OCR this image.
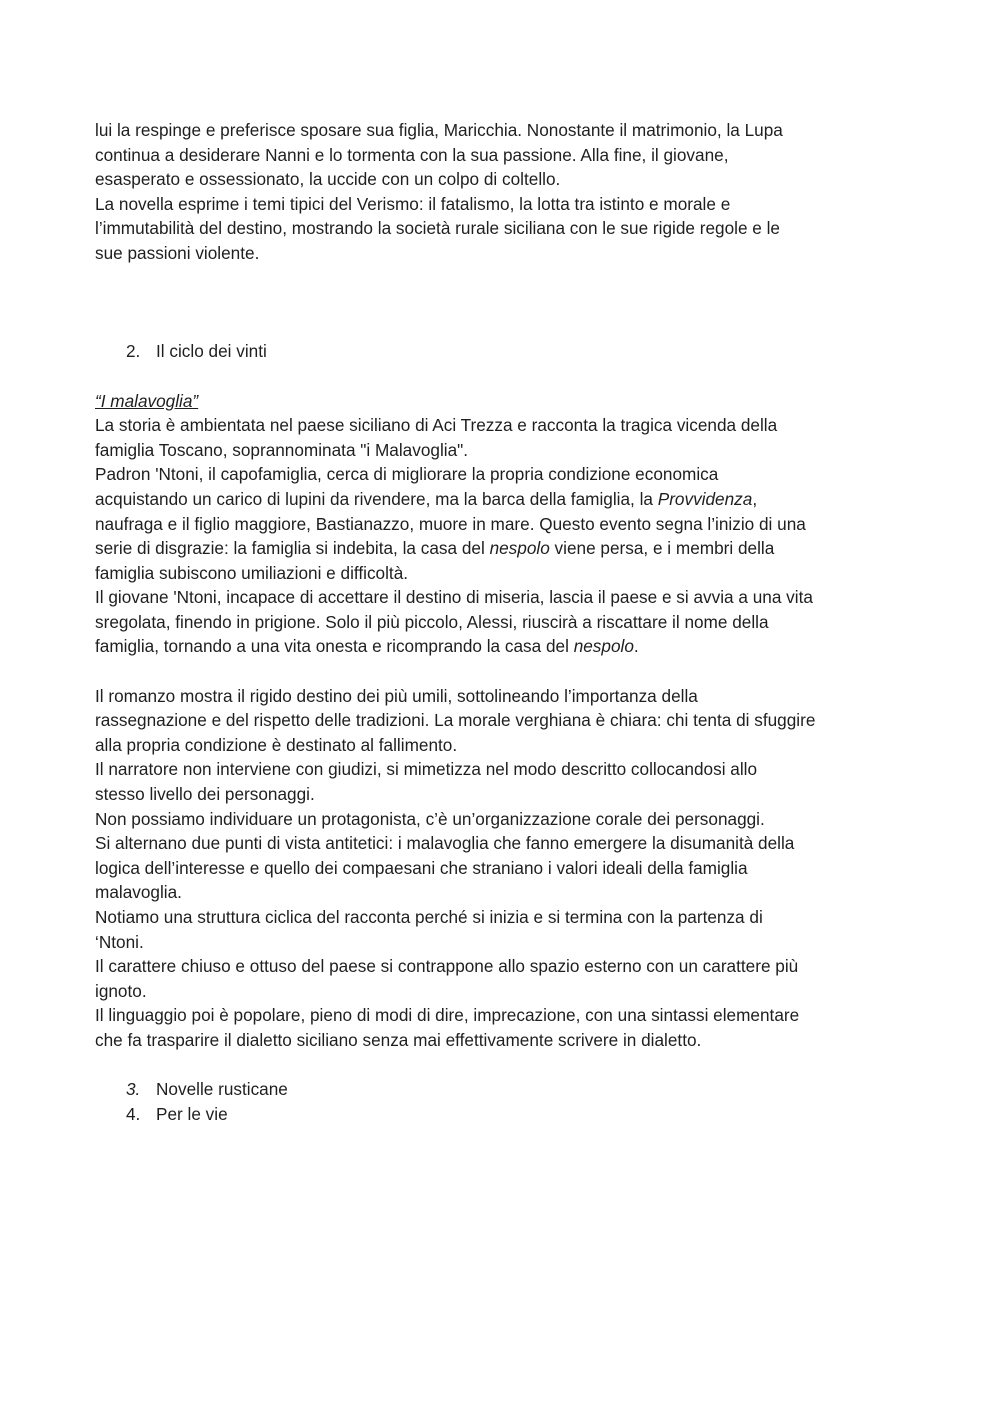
lui la respinge e preferisce sposare sua figlia, Maricchia. Nonostante il matrimonio, la Lupa
continua a desiderare Nanni e lo tormenta con la sua passione. Alla fine, il giovane,
esasperato e ossessionato, la uccide con un colpo di coltello.
La novella esprime i temi tipici del Verismo: il fatalismo, la lotta tra istinto e morale e
l’immutabilità del destino, mostrando la società rurale siciliana con le sue rigide regole e le
sue passioni violente.
2. Il ciclo dei vinti
“I malavoglia”
La storia è ambientata nel paese siciliano di Aci Trezza e racconta la tragica vicenda della
famiglia Toscano, soprannominata "i Malavoglia".
Padron 'Ntoni, il capofamiglia, cerca di migliorare la propria condizione economica
acquistando un carico di lupini da rivendere, ma la barca della famiglia, la Provvidenza,
naufraga e il figlio maggiore, Bastianazzo, muore in mare. Questo evento segna l’inizio di una
serie di disgrazie: la famiglia si indebita, la casa del nespolo viene persa, e i membri della
famiglia subiscono umiliazioni e difficoltà.
Il giovane 'Ntoni, incapace di accettare il destino di miseria, lascia il paese e si avvia a una vita
sregolata, finendo in prigione. Solo il più piccolo, Alessi, riuscirà a riscattare il nome della
famiglia, tornando a una vita onesta e ricomprando la casa del nespolo.
Il romanzo mostra il rigido destino dei più umili, sottolineando l’importanza della
rassegnazione e del rispetto delle tradizioni. La morale verghiana è chiara: chi tenta di sfuggire
alla propria condizione è destinato al fallimento.
Il narratore non interviene con giudizi, si mimetizza nel modo descritto collocandosi allo
stesso livello dei personaggi.
Non possiamo individuare un protagonista, c’è un’organizzazione corale dei personaggi.
Si alternano due punti di vista antitetici: i malavoglia che fanno emergere la disumanità della
logica dell’interesse e quello dei compaesani che straniano i valori ideali della famiglia
malavoglia.
Notiamo una struttura ciclica del racconta perché si inizia e si termina con la partenza di
‘Ntoni.
Il carattere chiuso e ottuso del paese si contrappone allo spazio esterno con un carattere più
ignoto.
Il linguaggio poi è popolare, pieno di modi di dire, imprecazione, con una sintassi elementare
che fa trasparire il dialetto siciliano senza mai effettivamente scrivere in dialetto.
3. Novelle rusticane
4. Per le vie
